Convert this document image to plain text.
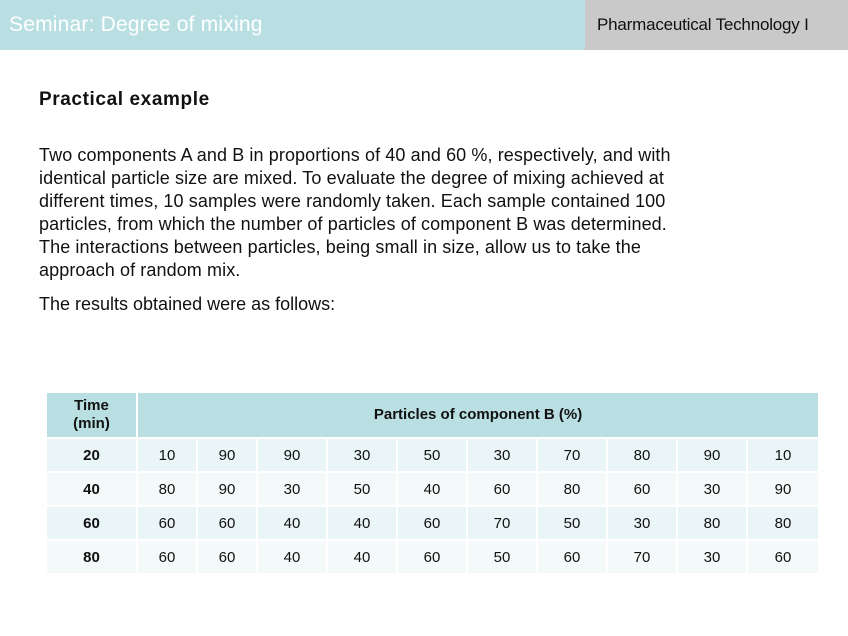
Seminar: Degree of mixing	Pharmaceutical Technology I
Practical example

Two components A and B in proportions of 40 and 60 %, respectively, and with
identical particle size are mixed. To evaluate the degree of mixing achieved at
different times, 10 samples were randomly taken. Each sample contained 100
particles, from which the number of particles of component B was determined.
The interactions between particles, being small in size, allow us to take the
approach of random mix.

The results obtained were as follows:

Time (min)	Particles of component B (%)									
20	10	90	90	30	50	30	70	80	90	10
40	80	90	30	50	40	60	80	60	30	90
60	60	60	40	40	60	70	50	30	80	80
80	60	60	40	40	60	50	60	70	30	60
